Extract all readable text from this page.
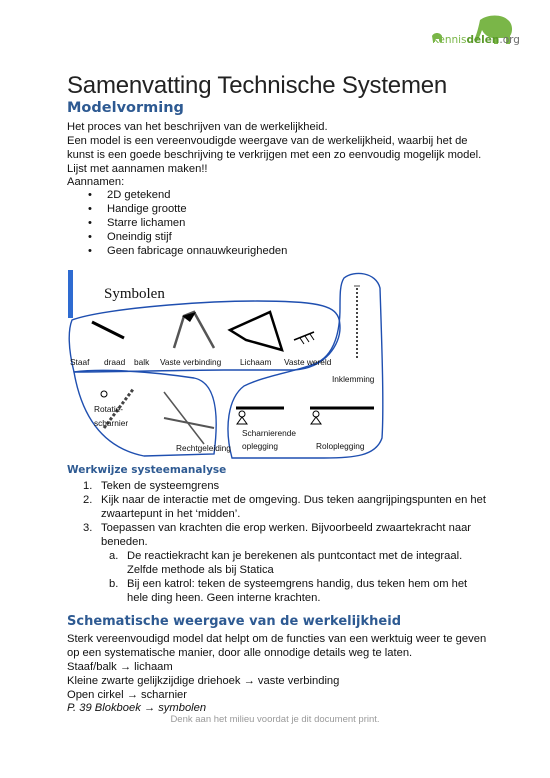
Kennisdelen.org
Samenvatting Technische Systemen
Modelvorming
Het proces van het beschrijven van de werkelijkheid.
Een model is een vereenvoudigde weergave van de werkelijkheid, waarbij het de
kunst is een goede beschrijving te verkrijgen met een zo eenvoudig mogelijk model.
Lijst met aannamen maken!!
Aannamen:
• 2D getekend
• Handige grootte
• Starre lichamen
• Oneindig stijf
• Geen fabricage onnauwkeurigheden
Symbolen
Staaf draad balk Vaste verbinding Lichaam Vaste wereld
Inklemming
Rotatie-
scharnier
Rechtgeleiding
Scharnierende
oplegging	Roloplegging
Werkwijze systeemanalyse
1. Teken de systeemgrens
2. Kijk naar de interactie met de omgeving. Dus teken aangrijpingspunten en het
zwaartepunt in het ‘midden’.
3. Toepassen van krachten die erop werken. Bijvoorbeeld zwaartekracht naar
beneden.
a. De reactiekracht kan je berekenen als puntcontact met de integraal.
Zelfde methode als bij Statica
b. Bij een katrol: teken de systeemgrens handig, dus teken hem om het
hele ding heen. Geen interne krachten.
Schematische weergave van de werkelijkheid
Sterk vereenvoudigd model dat helpt om de functies van een werktuig weer te geven
op een systematische manier, door alle onnodige details weg te laten.
Staaf/balk → lichaam
Kleine zwarte gelijkzijdige driehoek → vaste verbinding
Open cirkel → scharnier
P. 39 Blokboek → symbolen
Denk aan het milieu voordat je dit document print.
